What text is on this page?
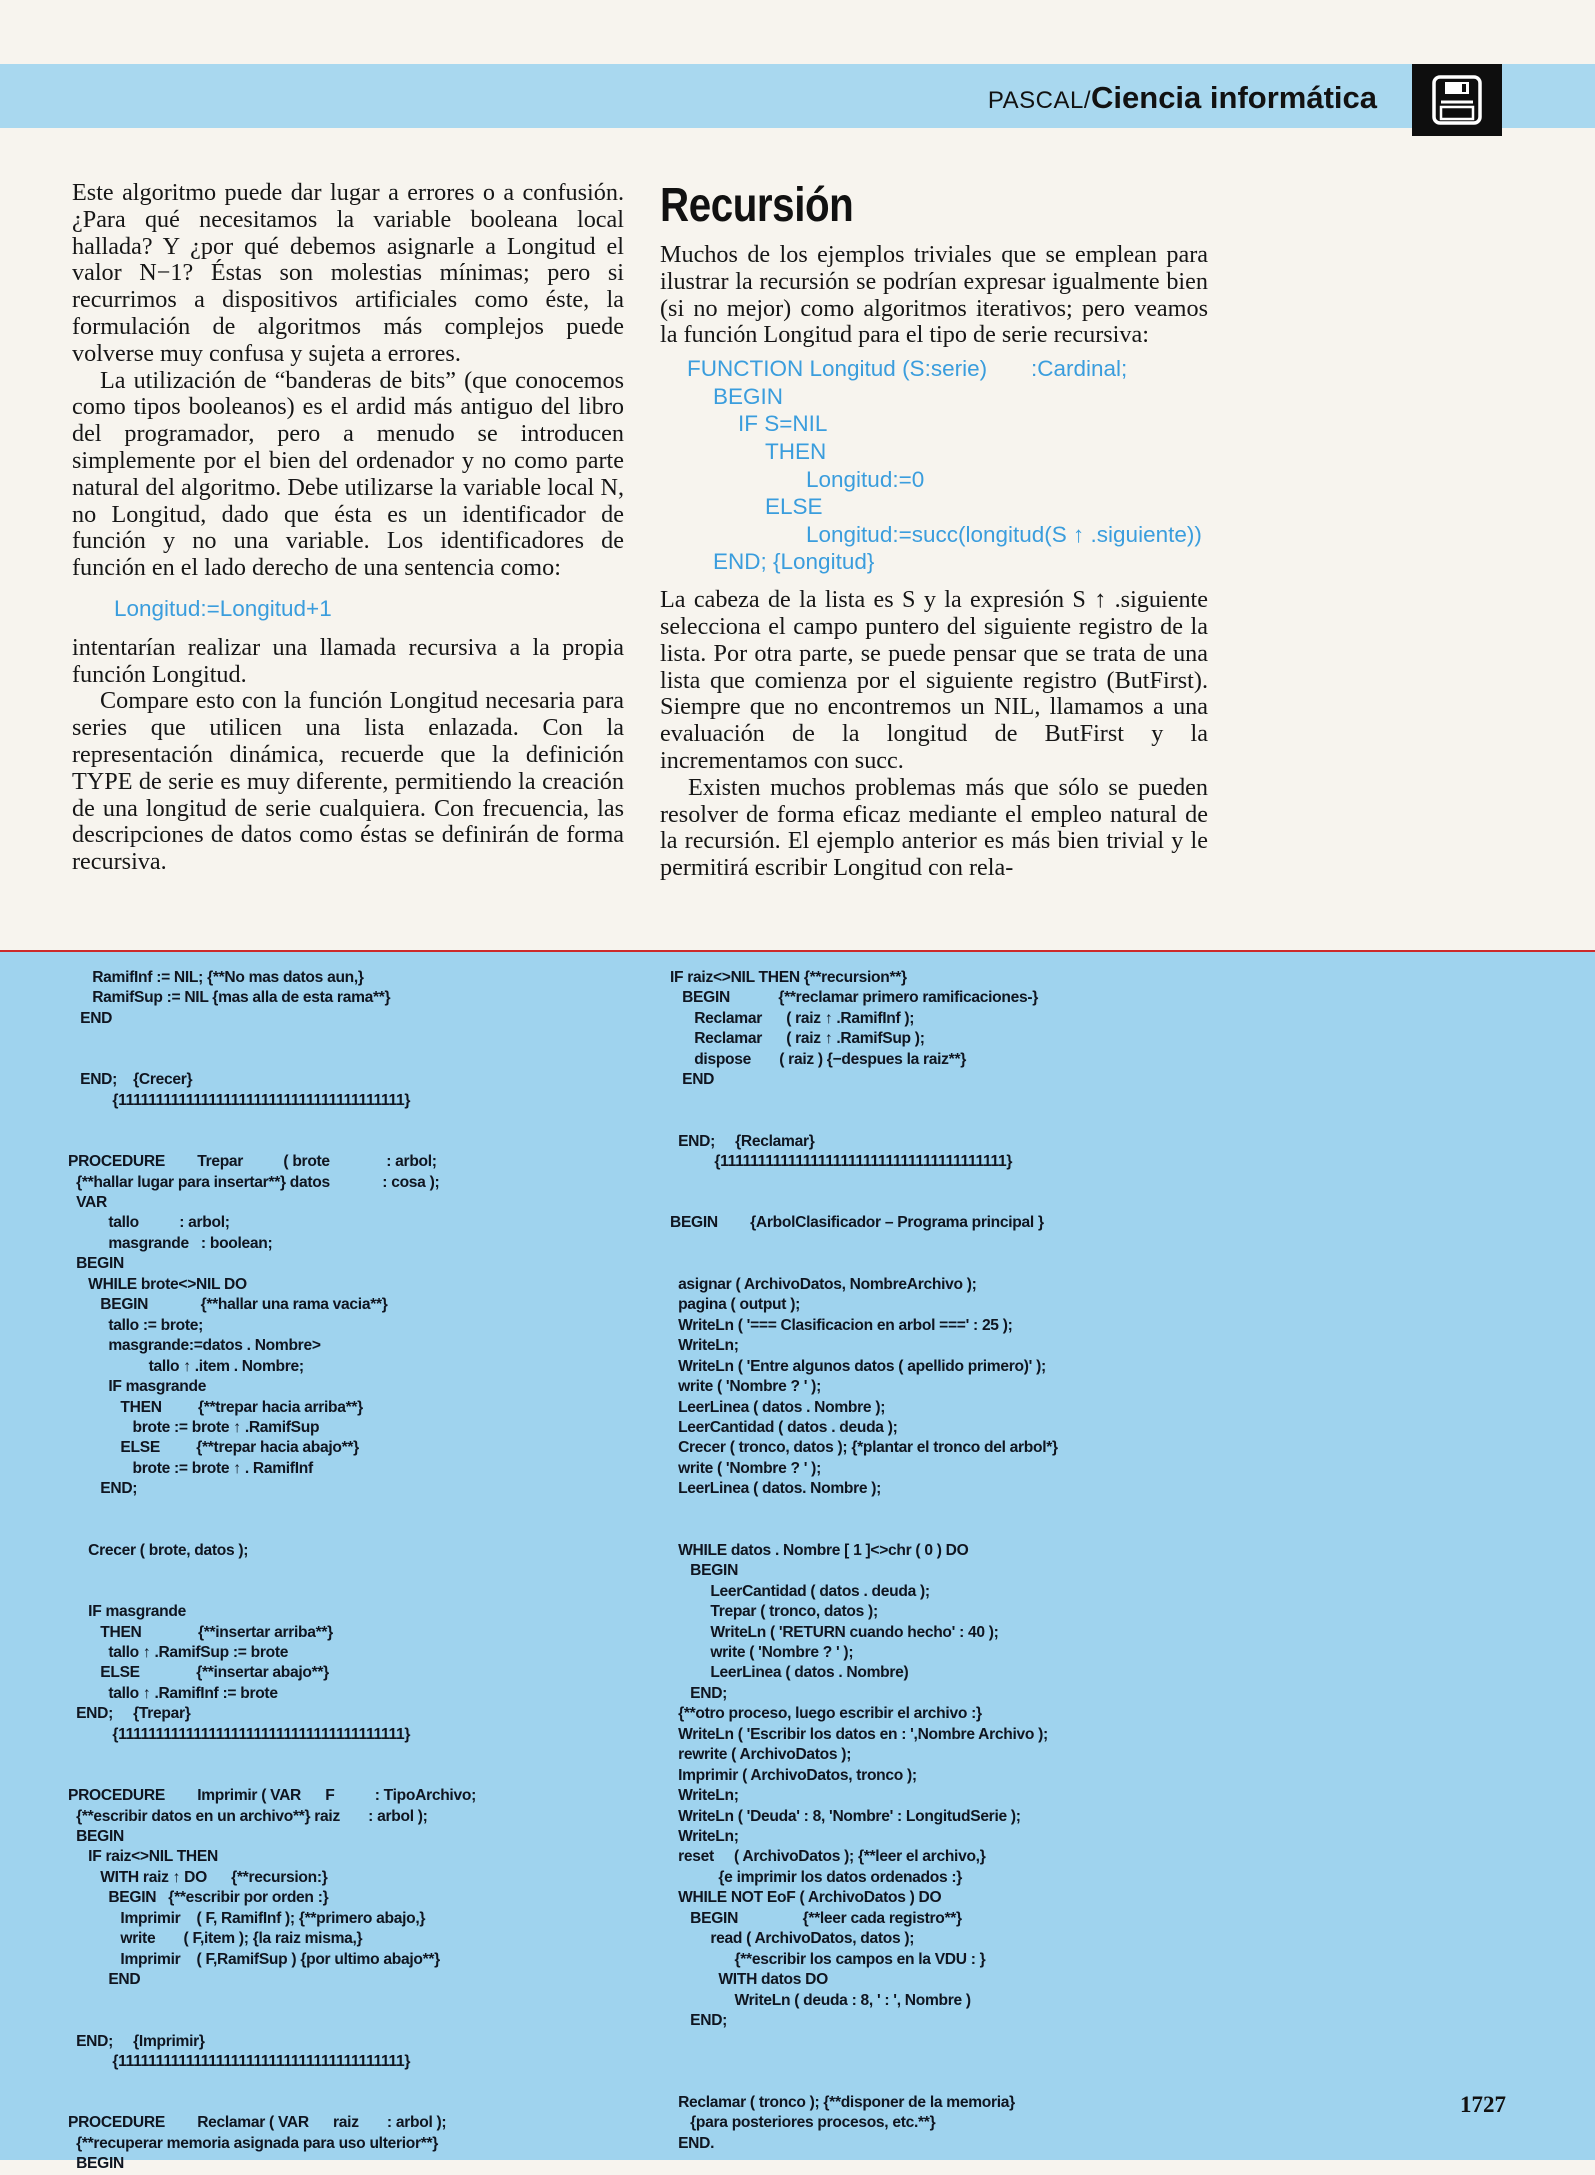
PASCAL/Ciencia informática

Este algoritmo puede dar lugar a errores o a confusión. ¿Para qué necesitamos la variable booleana local hallada? Y ¿por qué debemos asignarle a Longitud el valor N−1? Éstas son molestias mínimas; pero si recurrimos a dispositivos artificiales como éste, la formulación de algoritmos más complejos puede volverse muy confusa y sujeta a errores.

La utilización de “banderas de bits” (que conocemos como tipos booleanos) es el ardid más antiguo del libro del programador, pero a menudo se introducen simplemente por el bien del ordenador y no como parte natural del algoritmo. Debe utilizarse la variable local N, no Longitud, dado que ésta es un identificador de función y no una variable. Los identificadores de función en el lado derecho de una sentencia como:

Longitud:=Longitud+1

intentarían realizar una llamada recursiva a la propia función Longitud.

Compare esto con la función Longitud necesaria para series que utilicen una lista enlazada. Con la representación dinámica, recuerde que la definición TYPE de serie es muy diferente, permitiendo la creación de una longitud de serie cualquiera. Con frecuencia, las descripciones de datos como éstas se definirán de forma recursiva.

Recursión

Muchos de los ejemplos triviales que se emplean para ilustrar la recursión se podrían expresar igualmente bien (si no mejor) como algoritmos iterativos; pero veamos la función Longitud para el tipo de serie recursiva:

FUNCTION Longitud (S:serie) :Cardinal;
BEGIN
IF S=NIL
THEN
Longitud:=0
ELSE
Longitud:=succ(longitud(S ↑ .siguiente))
END; {Longitud}

La cabeza de la lista es S y la expresión S ↑ .siguiente selecciona el campo puntero del siguiente registro de la lista. Por otra parte, se puede pensar que se trata de una lista que comienza por el siguiente registro (ButFirst). Siempre que no encontremos un NIL, llamamos a una evaluación de la longitud de ButFirst y la incrementamos con succ.

Existen muchos problemas más que sólo se pueden resolver de forma eficaz mediante el empleo natural de la recursión. El ejemplo anterior es más bien trivial y le permitirá escribir Longitud con rela-

RamifInf := NIL; {**No mas datos aun,}
RamifSup := NIL {mas alla de esta rama**}
END

END;    {Crecer}
{11111111111111111111111111111111111111}

PROCEDURE        Trepar          ( brote              : arbol;
{**hallar lugar para insertar**} datos             : cosa );
VAR
tallo          : arbol;
masgrande   : boolean;
BEGIN
WHILE brote<>NIL DO
BEGIN             {**hallar una rama vacia**}
tallo := brote;
masgrande:=datos . Nombre>
tallo ↑ .item . Nombre;
IF masgrande
THEN         {**trepar hacia arriba**}
brote := brote ↑ .RamifSup
ELSE         {**trepar hacia abajo**}
brote := brote ↑ . RamifInf
END;

Crecer ( brote, datos );

IF masgrande
THEN              {**insertar arriba**}
tallo ↑ .RamifSup := brote
ELSE              {**insertar abajo**}
tallo ↑ .RamifInf := brote
END;     {Trepar}
{11111111111111111111111111111111111111}

PROCEDURE        Imprimir ( VAR      F          : TipoArchivo;
{**escribir datos en un archivo**} raiz       : arbol );
BEGIN
IF raiz<>NIL THEN
WITH raiz ↑ DO      {**recursion:}
BEGIN   {**escribir por orden :}
Imprimir    ( F, RamifInf ); {**primero abajo,}
write       ( F,item ); {la raiz misma,}
Imprimir    ( F,RamifSup ) {por ultimo abajo**}
END

END;     {Imprimir}
{11111111111111111111111111111111111111}

PROCEDURE        Reclamar ( VAR      raiz       : arbol );
{**recuperar memoria asignada para uso ulterior**}
BEGIN
IF raiz<>NIL THEN {**recursion**}
BEGIN            {**reclamar primero ramificaciones-}
Reclamar      ( raiz ↑ .RamifInf );
Reclamar      ( raiz ↑ .RamifSup );
dispose       ( raiz ) {−despues la raiz**}
END

END;     {Reclamar}
{11111111111111111111111111111111111111}

BEGIN        {ArbolClasificador – Programa principal }

asignar ( ArchivoDatos, NombreArchivo );
pagina ( output );
WriteLn ( '=== Clasificacion en arbol ===' : 25 );
WriteLn;
WriteLn ( 'Entre algunos datos ( apellido primero)' );
write ( 'Nombre ? ' );
LeerLinea ( datos . Nombre );
LeerCantidad ( datos . deuda );
Crecer ( tronco, datos ); {*plantar el tronco del arbol*}
write ( 'Nombre ? ' );
LeerLinea ( datos. Nombre );

WHILE datos . Nombre [ 1 ]<>chr ( 0 ) DO
BEGIN
LeerCantidad ( datos . deuda );
Trepar ( tronco, datos );
WriteLn ( 'RETURN cuando hecho' : 40 );
write ( 'Nombre ? ' );
LeerLinea ( datos . Nombre)
END;
{**otro proceso, luego escribir el archivo :}
WriteLn ( 'Escribir los datos en : ',Nombre Archivo );
rewrite ( ArchivoDatos );
Imprimir ( ArchivoDatos, tronco );
WriteLn;
WriteLn ( 'Deuda' : 8, 'Nombre' : LongitudSerie );
WriteLn;
reset     ( ArchivoDatos ); {**leer el archivo,}
{e imprimir los datos ordenados :}
WHILE NOT EoF ( ArchivoDatos ) DO
BEGIN                {**leer cada registro**}
read ( ArchivoDatos, datos );
{**escribir los campos en la VDU : }
WITH datos DO
WriteLn ( deuda : 8, ' : ', Nombre )
END;

Reclamar ( tronco ); {**disponer de la memoria}
{para posteriores procesos, etc.**}
END.
1727
